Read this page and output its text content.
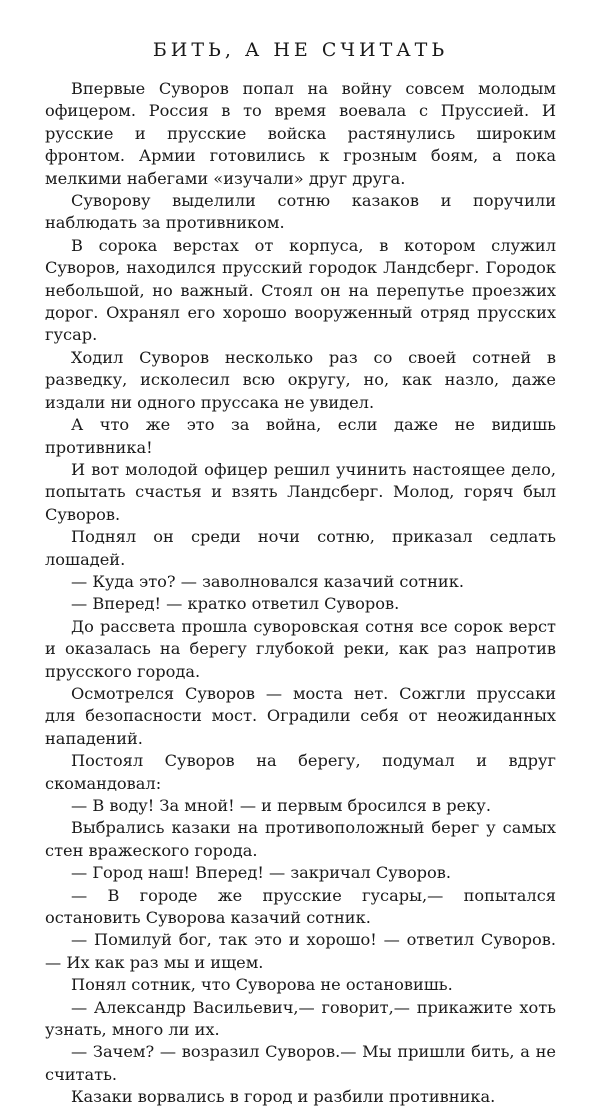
БИТЬ, А НЕ СЧИТАТЬ

Впервые Суворов попал на войну совсем молодым офицером. Россия в то время воевала с Пруссией. И русские и прусские войска растянулись широким фронтом. Армии готовились к грозным боям, а пока мелкими набегами «изучали» друг друга.

Суворову выделили сотню казаков и поручили наблюдать за противником.

В сорока верстах от корпуса, в котором служил Суворов, находился прусский городок Ландсберг. Городок небольшой, но важный. Стоял он на перепутье проезжих дорог. Охранял его хорошо вооруженный отряд прусских гусар.

Ходил Суворов несколько раз со своей сотней в разведку, исколесил всю округу, но, как назло, даже издали ни одного пруссака не увидел.

А что же это за война, если даже не видишь противника!

И вот молодой офицер решил учинить настоящее дело, попытать счастья и взять Ландсберг. Молод, горяч был Суворов.

Поднял он среди ночи сотню, приказал седлать лошадей.

— Куда это? — заволновался казачий сотник.

— Вперед! — кратко ответил Суворов.

До рассвета прошла суворовская сотня все сорок верст и оказалась на берегу глубокой реки, как раз напротив прусского города.

Осмотрелся Суворов — моста нет. Сожгли пруссаки для безопасности мост. Оградили себя от неожиданных нападений.

Постоял Суворов на берегу, подумал и вдруг скомандовал:

— В воду! За мной! — и первым бросился в реку.

Выбрались казаки на противоположный берег у самых стен вражеского города.

— Город наш! Вперед! — закричал Суворов.

— В городе же прусские гусары,— попытался остановить Суворова казачий сотник.

— Помилуй бог, так это и хорошо! — ответил Суворов.— Их как раз мы и ищем.

Понял сотник, что Суворова не остановишь.

— Александр Васильевич,— говорит,— прикажите хоть узнать, много ли их.

— Зачем? — возразил Суворов.— Мы пришли бить, а не считать.

Казаки ворвались в город и разбили противника.
